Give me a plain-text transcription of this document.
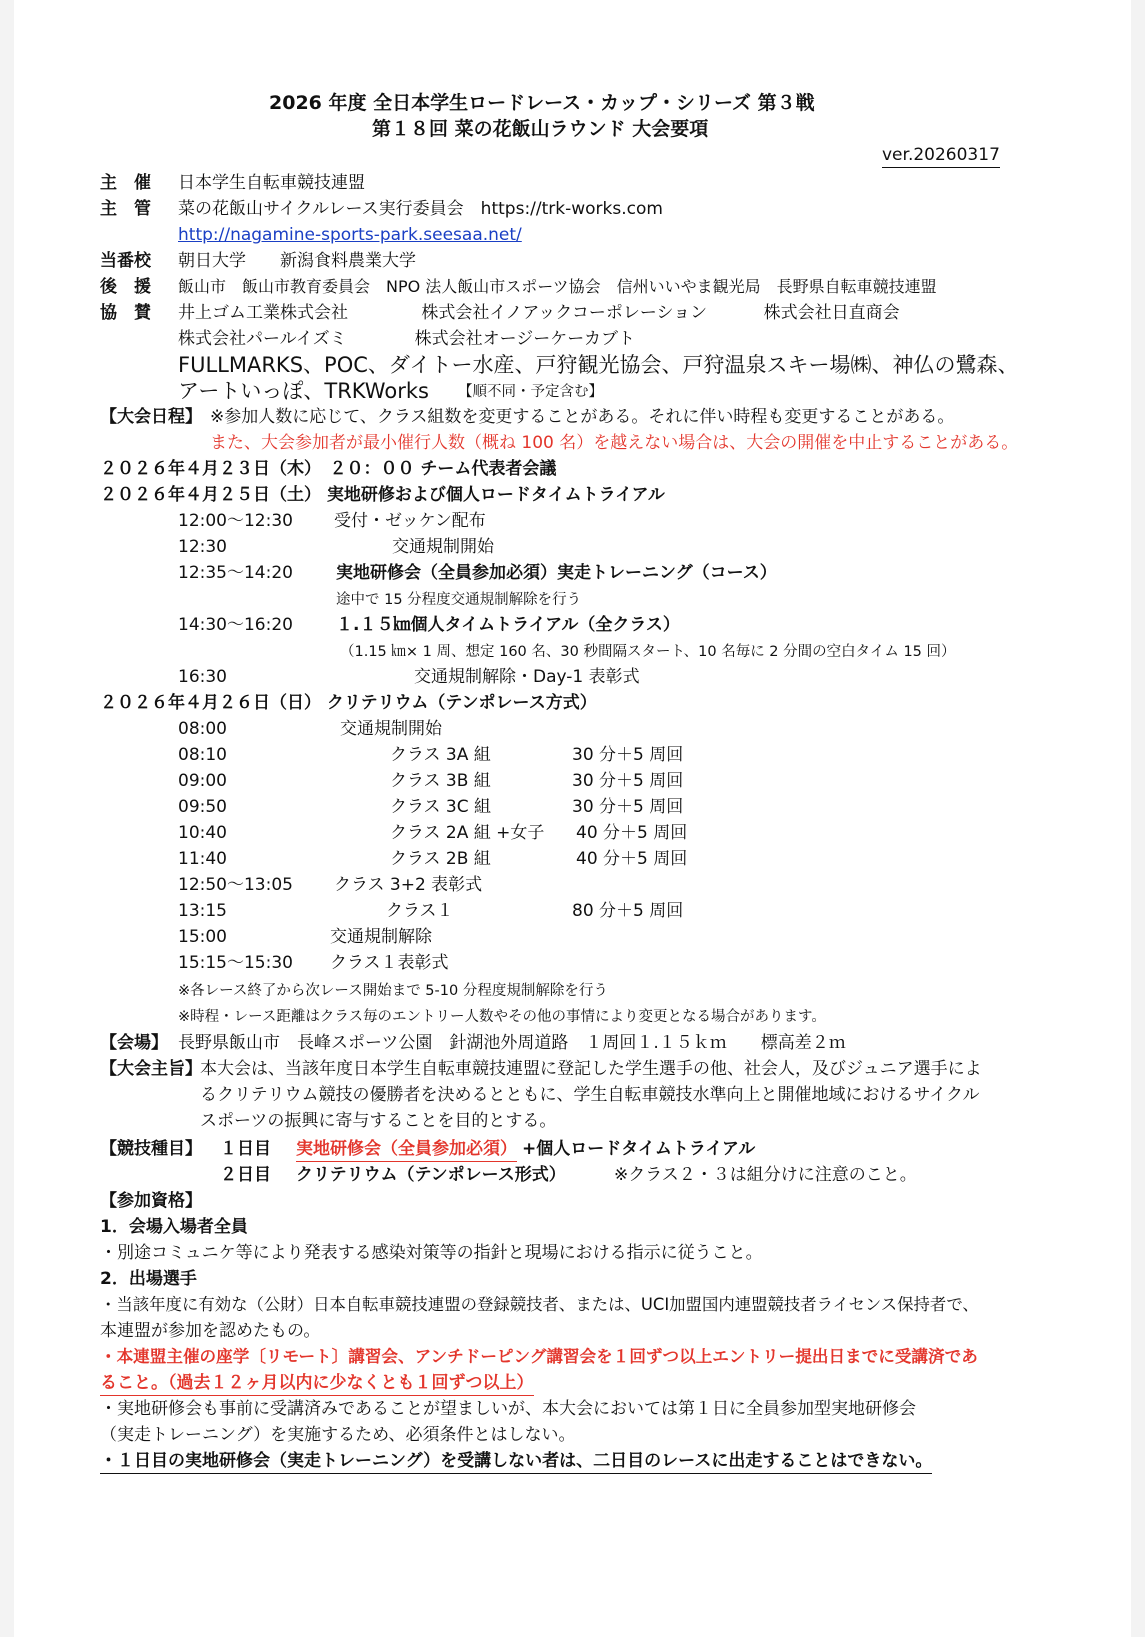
2026 年度 全日本学生ロードレース・カップ・シリーズ 第３戦
第１８回 菜の花飯山ラウンド 大会要項
ver.20260317
主　催 日本学生自転車競技連盟
主　管 菜の花飯山サイクルレース実行委員会　https://trk-works.com
http://nagamine-sports-park.seesaa.net/
当番校 朝日大学　　新潟食料農業大学
後　援 飯山市　飯山市教育委員会　NPO 法人飯山市スポーツ協会　信州いいやま観光局　長野県自転車競技連盟
協　賛 井上ゴム工業株式会社　　　　 株式会社イノアックコーポレーション　　　 株式会社日直商会
株式会社パールイズミ　　　　株式会社オージーケーカブト
FULLMARKS、POC、ダイトー水産、戸狩観光協会、戸狩温泉スキー場㈱、神仏の鷺森、
アートいっぽ、TRKWorks 【順不同・予定含む】
【大会日程】 ※参加人数に応じて、クラス組数を変更することがある。それに伴い時程も変更することがある。
また、大会参加者が最小催行人数（概ね 100 名）を越えない場合は、大会の開催を中止することがある。
２０２６年４月２３日（木）　２０：００ チーム代表者会議
２０２６年４月２５日（土） 実地研修および個人ロードタイムトライアル
12:00〜12:30 受付・ゼッケン配布
12:30	交通規制開始
12:35〜14:20	実地研修会（全員参加必須）実走トレーニング（コース）
途中で 15 分程度交通規制解除を行う
14:30〜16:20	１.１５㎞個人タイムトライアル（全クラス）
（1.15 ㎞× 1 周、想定 160 名、30 秒間隔スタート、10 名毎に 2 分間の空白タイム 15 回）
16:30	交通規制解除・Day-1 表彰式
２０２６年４月２６日（日） クリテリウム（テンポレース方式）
08:00	交通規制開始
08:10	クラス 3A 組	30 分＋5 周回
09:00	クラス 3B 組	30 分＋5 周回
09:50	クラス 3C 組	30 分＋5 周回
10:40	クラス 2A 組 +女子 40 分＋5 周回
11:40	クラス 2B 組	40 分＋5 周回
12:50〜13:05 クラス 3+2 表彰式
13:15	クラス１	80 分＋5 周回
15:00	交通規制解除
15:15〜15:30 クラス１表彰式
※各レース終了から次レース開始まで 5-10 分程度規制解除を行う
※時程・レース距離はクラス毎のエントリー人数やその他の事情により変更となる場合があります。
【会場】 長野県飯山市　長峰スポーツ公園　針湖池外周道路　１周回１.１５ｋｍ　　標高差２ｍ
【大会主旨】
本大会は、当該年度日本学生自転車競技連盟に登記した学生選手の他、社会人，及びジュニア選手によ
るクリテリウム競技の優勝者を決めるとともに、学生自転車競技水準向上と開催地域におけるサイクル
スポーツの振興に寄与することを目的とする。
【競技種目】 １日目 実地研修会（全員参加必須） +個人ロードタイムトライアル
２日目 クリテリウム（テンポレース形式）	※クラス２・３は組分けに注意のこと。
【参加資格】
1．会場入場者全員
・別途コミュニケ等により発表する感染対策等の指針と現場における指示に従うこと。
2．出場選手
・当該年度に有効な（公財）日本自転車競技連盟の登録競技者、または、UCI加盟国内連盟競技者ライセンス保持者で、
本連盟が参加を認めたもの。
・本連盟主催の座学〔リモート〕講習会、アンチドーピング講習会を１回ずつ以上エントリー提出日までに受講済であ
ること。（過去１２ヶ月以内に少なくとも１回ずつ以上）
・実地研修会も事前に受講済みであることが望ましいが、本大会においては第１日に全員参加型実地研修会
（実走トレーニング）を実施するため、必須条件とはしない。
・１日目の実地研修会（実走トレーニング）を受講しない者は、二日目のレースに出走することはできない。
